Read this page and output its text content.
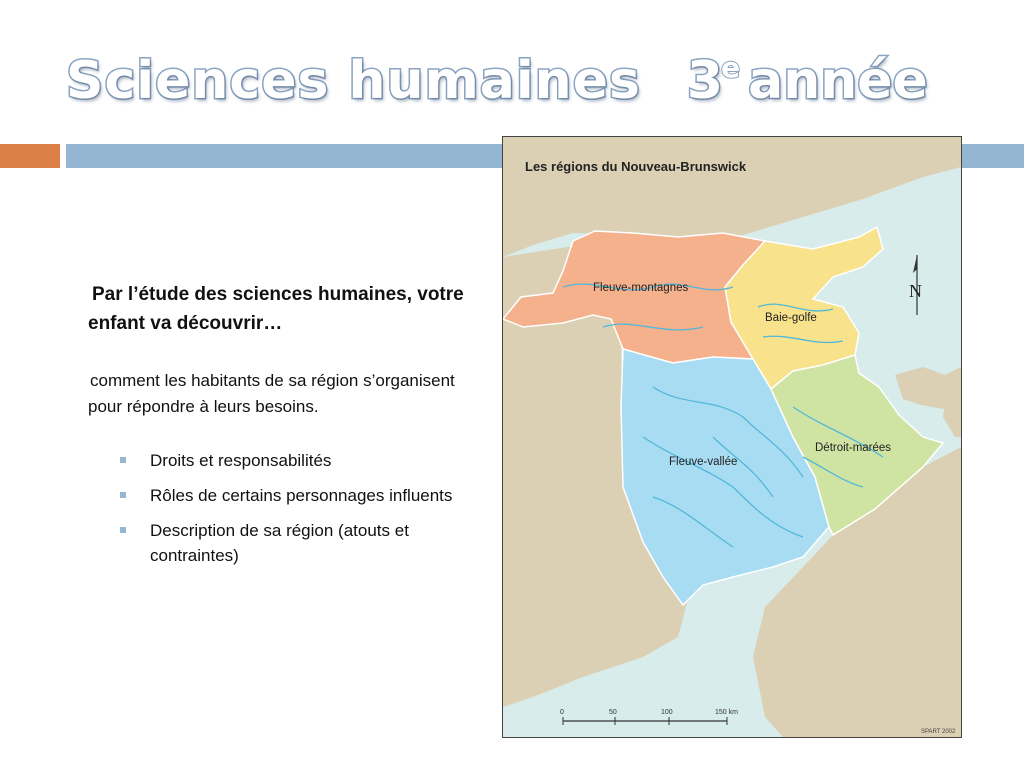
Sciences humaines 3
e année

Par l’étude des sciences humaines, votre enfant va découvrir…

comment les habitants de sa région s’organisent pour répondre à leurs besoins.

Droits et responsabilités
Rôles de certains personnages influents
Description de sa région (atouts et contraintes)
Les régions du Nouveau-Brunswick
Fleuve-montagnes
Baie-golfe
Fleuve-vallée
Détroit-marées
N
0	50	100	150 km
SPART 2002
